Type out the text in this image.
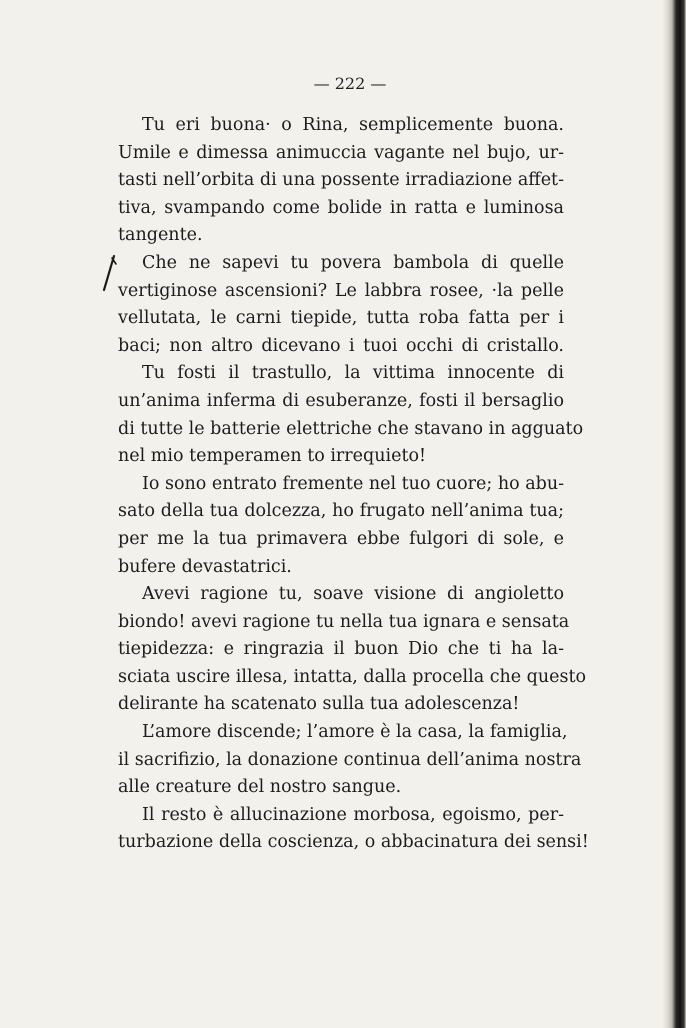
— 222 —
Tu eri buona· o Rina, semplicemente buona.
Umile e dimessa animuccia vagante nel bujo, ur-
tasti nell’orbita di una possente irradiazione affet-
tiva, svampando come bolide in ratta e luminosa
tangente.
Che ne sapevi tu povera bambola di quelle
vertiginose ascensioni? Le labbra rosee, ·la pelle
vellutata, le carni tiepide, tutta roba fatta per i
baci; non altro dicevano i tuoi occhi di cristallo.
Tu fosti il trastullo, la vittima innocente di
un’anima inferma di esuberanze, fosti il bersaglio
di tutte le batterie elettriche che stavano in agguato
nel mio temperamen to irrequieto!
Io sono entrato fremente nel tuo cuore; ho abu-
sato della tua dolcezza, ho frugato nell’anima tua;
per me la tua primavera ebbe fulgori di sole, e
bufere devastatrici.
Avevi ragione tu, soave visione di angioletto
biondo! avevi ragione tu nella tua ignara e sensata
tiepidezza: e ringrazia il buon Dio che ti ha la-
sciata uscire illesa, intatta, dalla procella che questo
delirante ha scatenato sulla tua adolescenza!
L’amore discende; l’amore è la casa, la famiglia,
il sacrifizio, la donazione continua dell’anima nostra
alle creature del nostro sangue.
Il resto è allucinazione morbosa, egoismo, per-
turbazione della coscienza, o abbacinatura dei sensi!
